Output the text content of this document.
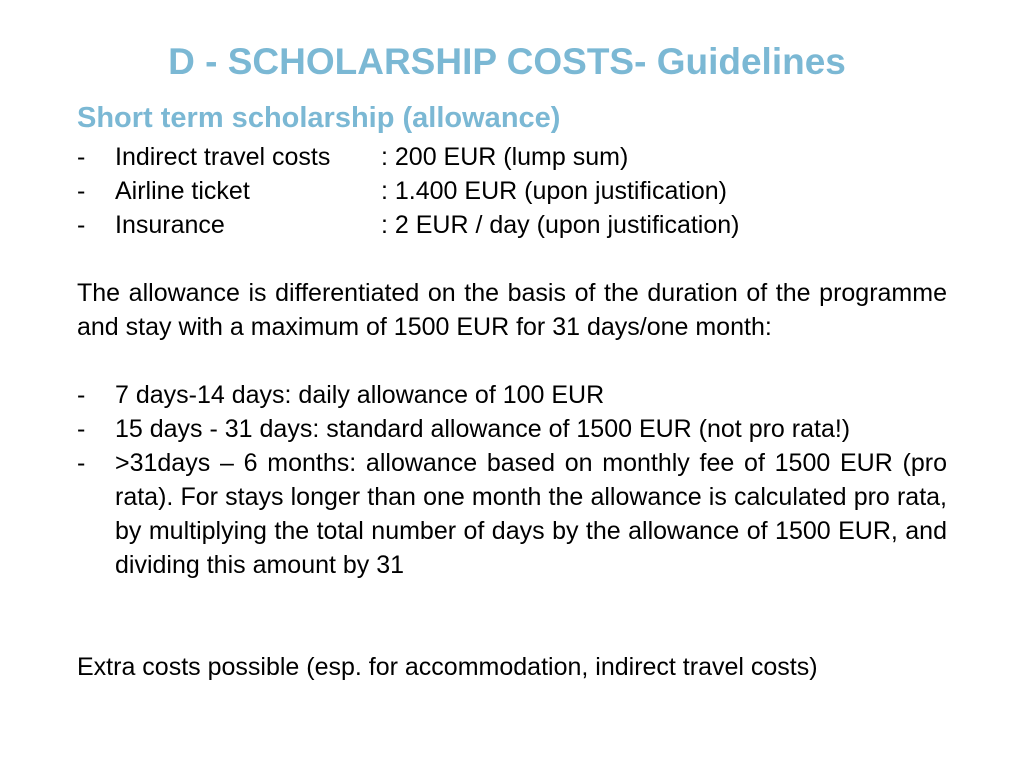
D - SCHOLARSHIP COSTS- Guidelines
Short term scholarship (allowance)
- Indirect travel costs : 200 EUR (lump sum)
- Airline ticket	: 1.400 EUR (upon justification)
- Insurance	: 2 EUR / day (upon justification)
The allowance is differentiated on the basis of the duration of the programme and stay with a maximum of 1500 EUR for 31 days/one month:
- 7 days-14 days: daily allowance of 100 EUR
- 15 days - 31 days: standard allowance of 1500 EUR (not pro rata!)
- >31days – 6 months: allowance based on monthly fee of 1500 EUR (pro rata). For stays longer than one month the allowance is calculated pro rata, by multiplying the total number of days by the allowance of 1500 EUR, and dividing this amount by 31
Extra costs possible (esp. for accommodation, indirect travel costs)
